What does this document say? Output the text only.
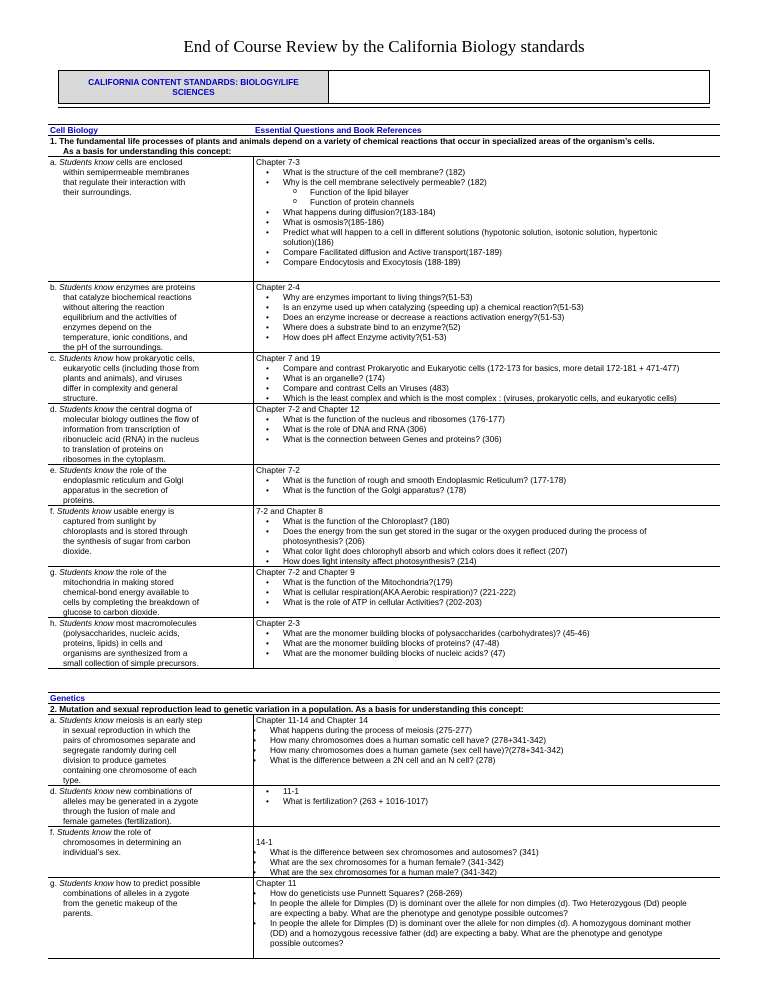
End of Course Review by the California Biology standards
CALIFORNIA CONTENT STANDARDS: BIOLOGY/LIFE
SCIENCES
Cell Biology	Essential Questions and Book References
1. The fundamental life processes of plants and animals depend on a variety of chemical reactions that occur in specialized areas of the organism’s cells.
As a basis for understanding this concept:
a. Students know cells are enclosed
within semipermeable membranes
that regulate their interaction with
their surroundings.
Chapter 7-3
• What is the structure of the cell membrane? (182)
• Why is the cell membrane selectively permeable? (182)
o Function of the lipid bilayer
o Function of protein channels
• What happens during diffusion?(183-184)
• What is osmosis?(185-186)
• Predict what will happen to a cell in different solutions (hypotonic solution, isotonic solution, hypertonic
solution)(186)
• Compare Facilitated diffusion and Active transport(187-189)
• Compare Endocytosis and Exocytosis (188-189)
b. Students know enzymes are proteins
that catalyze biochemical reactions
without altering the reaction
equilibrium and the activities of
enzymes depend on the
temperature, ionic conditions, and
the pH of the surroundings.
Chapter 2-4
• Why are enzymes important to living things?(51-53)
• Is an enzyme used up when catalyzing (speeding up) a chemical reaction?(51-53)
• Does an enzyme increase or decrease a reactions activation energy?(51-53)
• Where does a substrate bind to an enzyme?(52)
• How does pH affect Enzyme activity?(51-53)
c. Students know how prokaryotic cells,
eukaryotic cells (including those from
plants and animals), and viruses
differ in complexity and general
structure.
Chapter 7 and 19
• Compare and contrast Prokaryotic and Eukaryotic cells (172-173 for basics, more detail 172-181 + 471-477)
• What is an organelle? (174)
• Compare and contrast Cells an Viruses (483)
• Which is the least complex and which is the most complex : (viruses, prokaryotic cells, and eukaryotic cells)
d. Students know the central dogma of
molecular biology outlines the flow of
information from transcription of
ribonucleic acid (RNA) in the nucleus
to translation of proteins on
ribosomes in the cytoplasm.
Chapter 7-2 and Chapter 12
• What is the function of the nucleus and ribosomes (176-177)
• What is the role of DNA and RNA (306)
• What is the connection between Genes and proteins? (306)
e. Students know the role of the
endoplasmic reticulum and Golgi
apparatus in the secretion of
proteins.
Chapter 7-2
• What is the function of rough and smooth Endoplasmic Reticulum? (177-178)
• What is the function of the Golgi apparatus? (178)
f. Students know usable energy is
captured from sunlight by
chloroplasts and is stored through
the synthesis of sugar from carbon
dioxide.
7-2 and Chapter 8
• What is the function of the Chloroplast? (180)
• Does the energy from the sun get stored in the sugar or the oxygen produced during the process of
photosynthesis? (206)
• What color light does chlorophyll absorb and which colors does it reflect (207)
• How does light intensity affect photosynthesis? (214)
g. Students know the role of the
mitochondria in making stored
chemical-bond energy available to
cells by completing the breakdown of
glucose to carbon dioxide.
Chapter 7-2 and Chapter 9
• What is the function of the Mitochondria?(179)
• What is cellular respiration(AKA Aerobic respiration)? (221-222)
• What is the role of ATP in cellular Activities? (202-203)
h. Students know most macromolecules
(polysaccharides, nucleic acids,
proteins, lipids) in cells and
organisms are synthesized from a
small collection of simple precursors.
Chapter 2-3
• What are the monomer building blocks of polysaccharides (carbohydrates)? (45-46)
• What are the monomer building blocks of proteins? (47-48)
• What are the monomer building blocks of nucleic acids? (47)
Genetics
2. Mutation and sexual reproduction lead to genetic variation in a population. As a basis for understanding this concept:
a. Students know meiosis is an early step
in sexual reproduction in which the
pairs of chromosomes separate and
segregate randomly during cell
division to produce gametes
containing one chromosome of each
type.
Chapter 11-14 and Chapter 14
• What happens during the process of meiosis (275-277)
• How many chromosomes does a human somatic cell have? (278+341-342)
• How many chromosomes does a human gamete (sex cell have)?(278+341-342)
• What is the difference between a 2N cell and an N cell? (278)
d. Students know new combinations of
alleles may be generated in a zygote
through the fusion of male and
female gametes (fertilization).
• 11-1
• What is fertilization? (263 + 1016-1017)
f. Students know the role of
chromosomes in determining an
individual’s sex.
14-1
• What is the difference between sex chromosomes and autosomes? (341)
• What are the sex chromosomes for a human female? (341-342)
• What are the sex chromosomes for a human male? (341-342)
g. Students know how to predict possible
combinations of alleles in a zygote
from the genetic makeup of the
parents.
Chapter 11
• How do geneticists use Punnett Squares? (268-269)
• In people the allele for Dimples (D) is dominant over the allele for non dimples (d). Two Heterozygous (Dd) people
are expecting a baby. What are the phenotype and genotype possible outcomes?
• In people the allele for Dimples (D) is dominant over the allele for non dimples (d). A homozygous dominant mother
(DD) and a homozygous recessive father (dd) are expecting a baby. What are the phenotype and genotype
possible outcomes?
